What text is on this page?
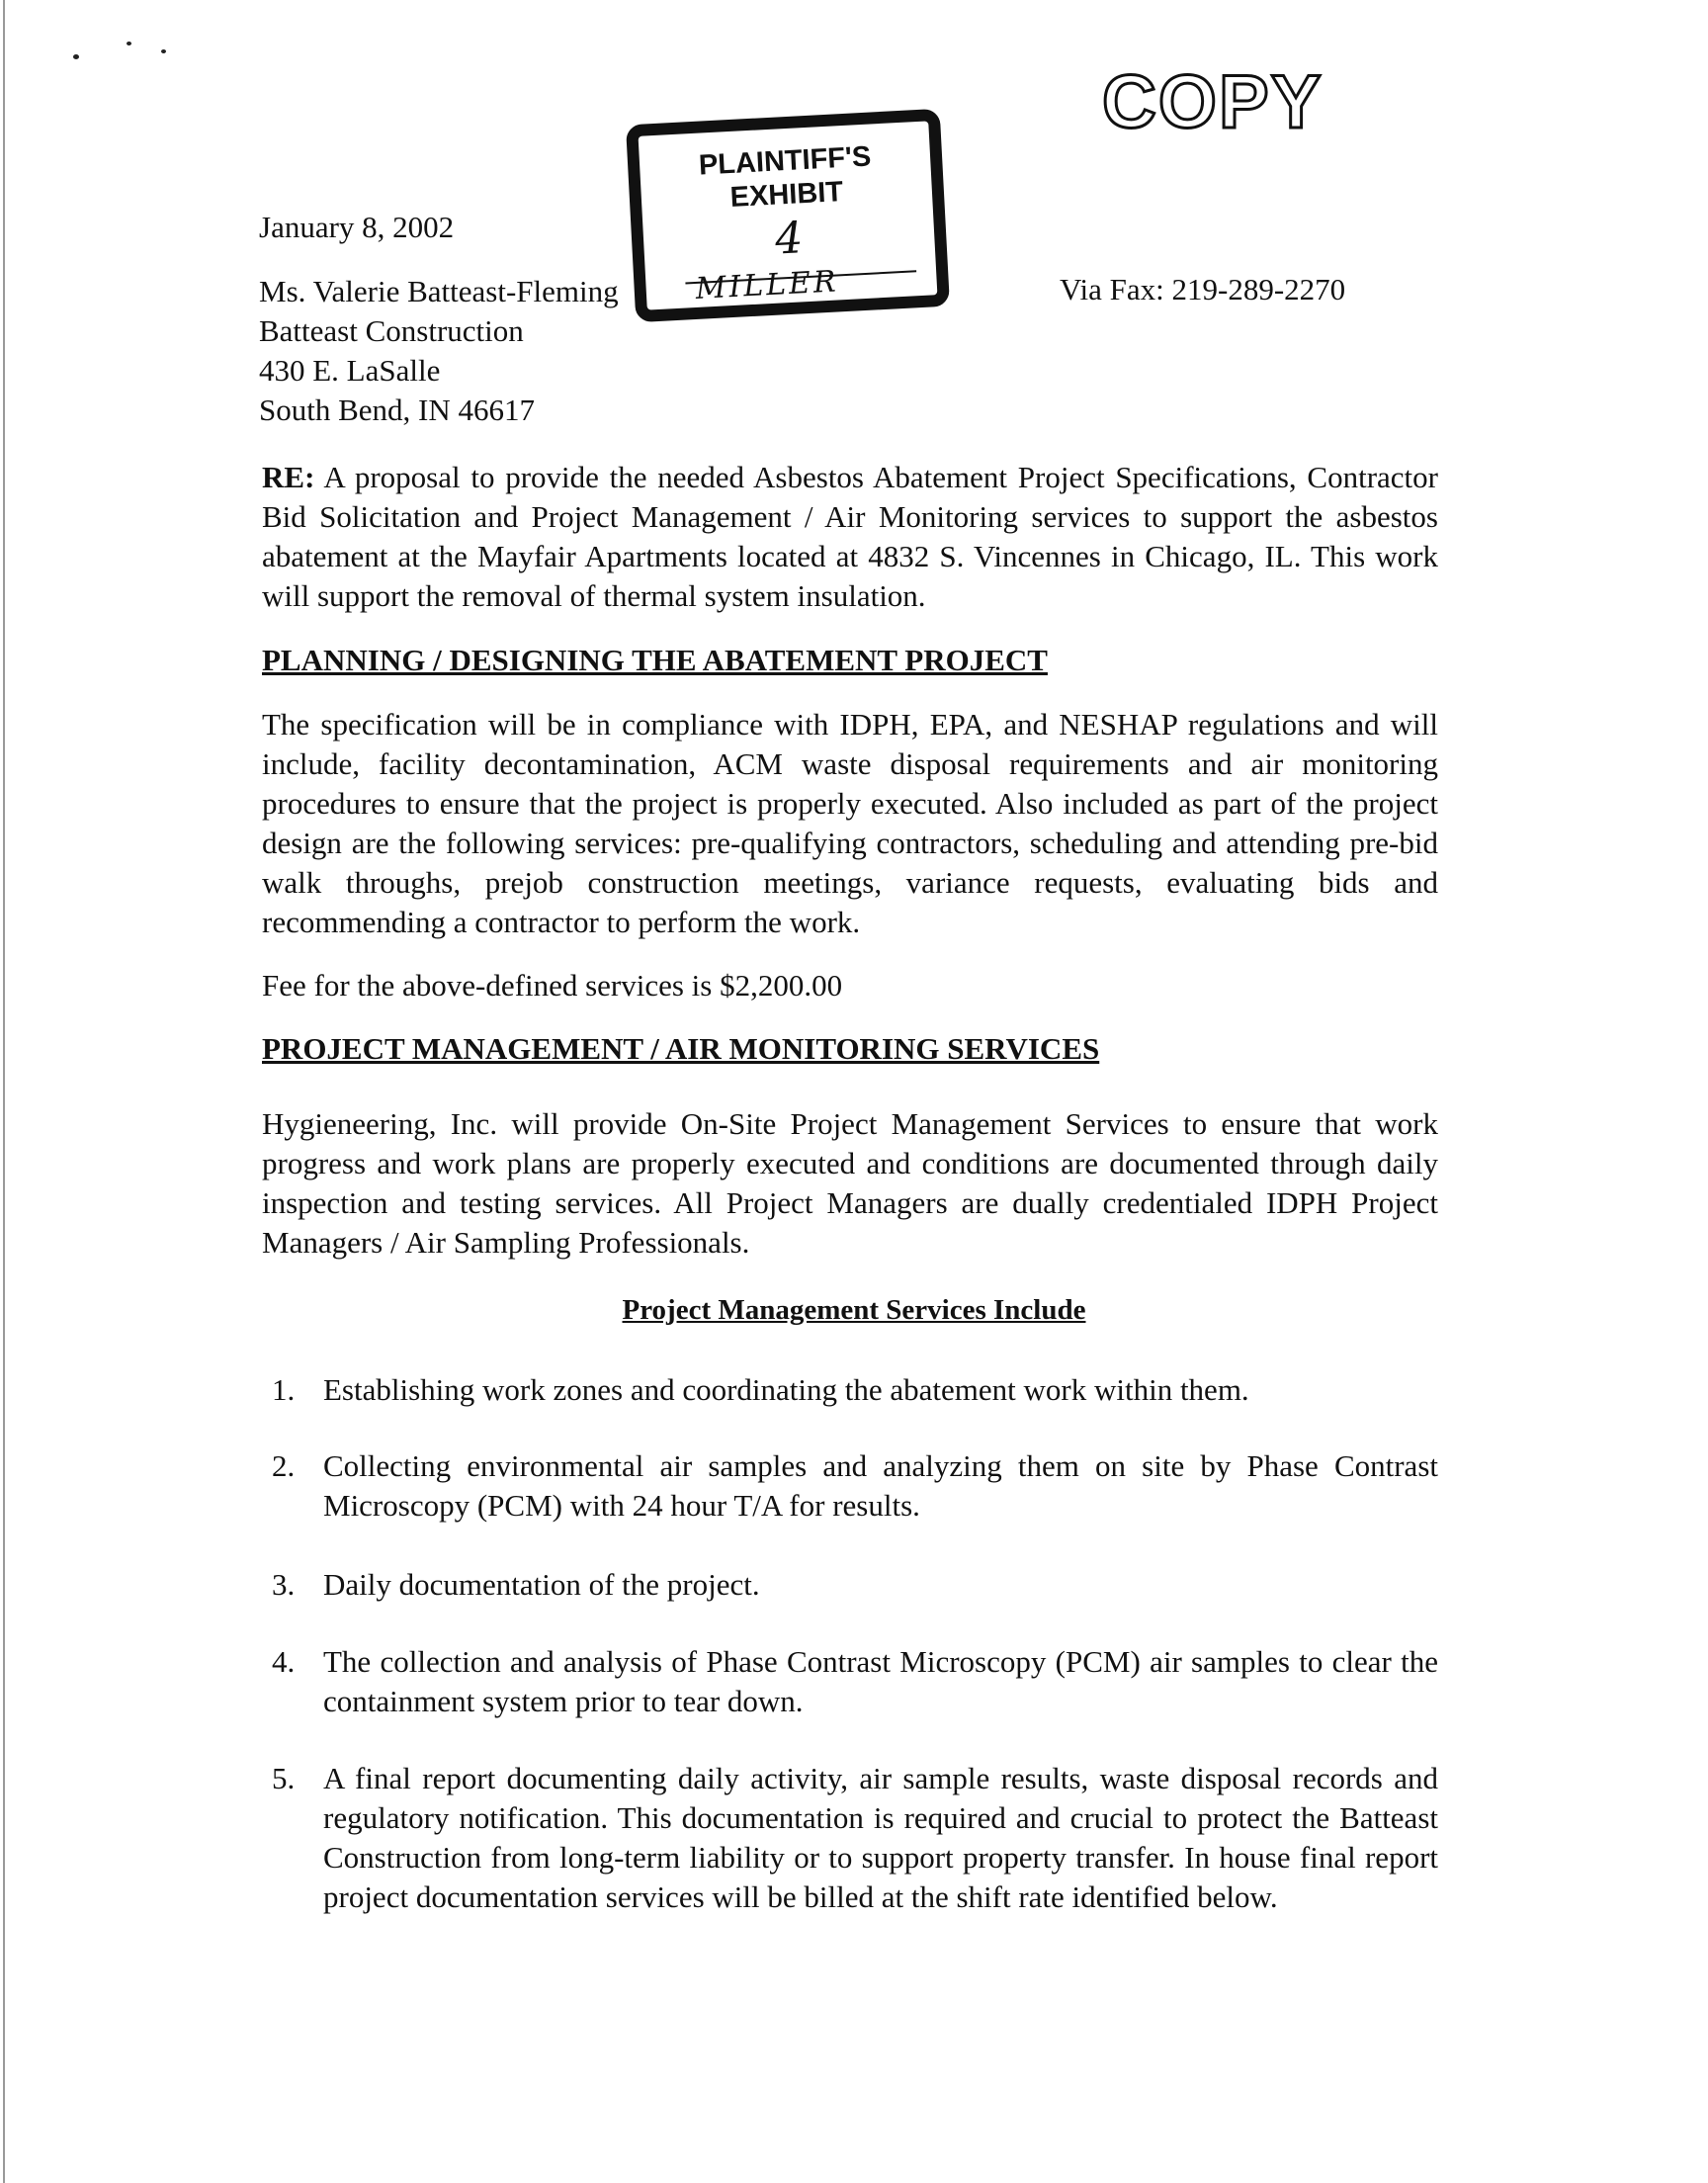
COPY
PLAINTIFF'S
EXHIBIT
4
MILLER
January 8, 2002
Ms. Valerie Batteast-Fleming
Batteast Construction
430 E. LaSalle
South Bend, IN 46617
Via Fax: 219-289-2270
RE: A proposal to provide the needed Asbestos Abatement Project Specifications, Contractor Bid Solicitation and Project Management / Air Monitoring services to support the asbestos abatement at the Mayfair Apartments located at 4832 S. Vincennes in Chicago, IL. This work will support the removal of thermal system insulation.
PLANNING / DESIGNING THE ABATEMENT PROJECT
The specification will be in compliance with IDPH, EPA, and NESHAP regulations and will include, facility decontamination, ACM waste disposal requirements and air monitoring procedures to ensure that the project is properly executed. Also included as part of the project design are the following services: pre-qualifying contractors, scheduling and attending pre-bid walk throughs, prejob construction meetings, variance requests, evaluating bids and recommending a contractor to perform the work.
Fee for the above-defined services is $2,200.00
PROJECT MANAGEMENT / AIR MONITORING SERVICES
Hygieneering, Inc. will provide On-Site Project Management Services to ensure that work progress and work plans are properly executed and conditions are documented through daily inspection and testing services. All Project Managers are dually credentialed IDPH Project Managers / Air Sampling Professionals.
Project Management Services Include
1. Establishing work zones and coordinating the abatement work within them.
2. Collecting environmental air samples and analyzing them on site by Phase Contrast Microscopy (PCM) with 24 hour T/A for results.
3. Daily documentation of the project.
4. The collection and analysis of Phase Contrast Microscopy (PCM) air samples to clear the containment system prior to tear down.
5. A final report documenting daily activity, air sample results, waste disposal records and regulatory notification. This documentation is required and crucial to protect the Batteast Construction from long-term liability or to support property transfer. In house final report project documentation services will be billed at the shift rate identified below.
